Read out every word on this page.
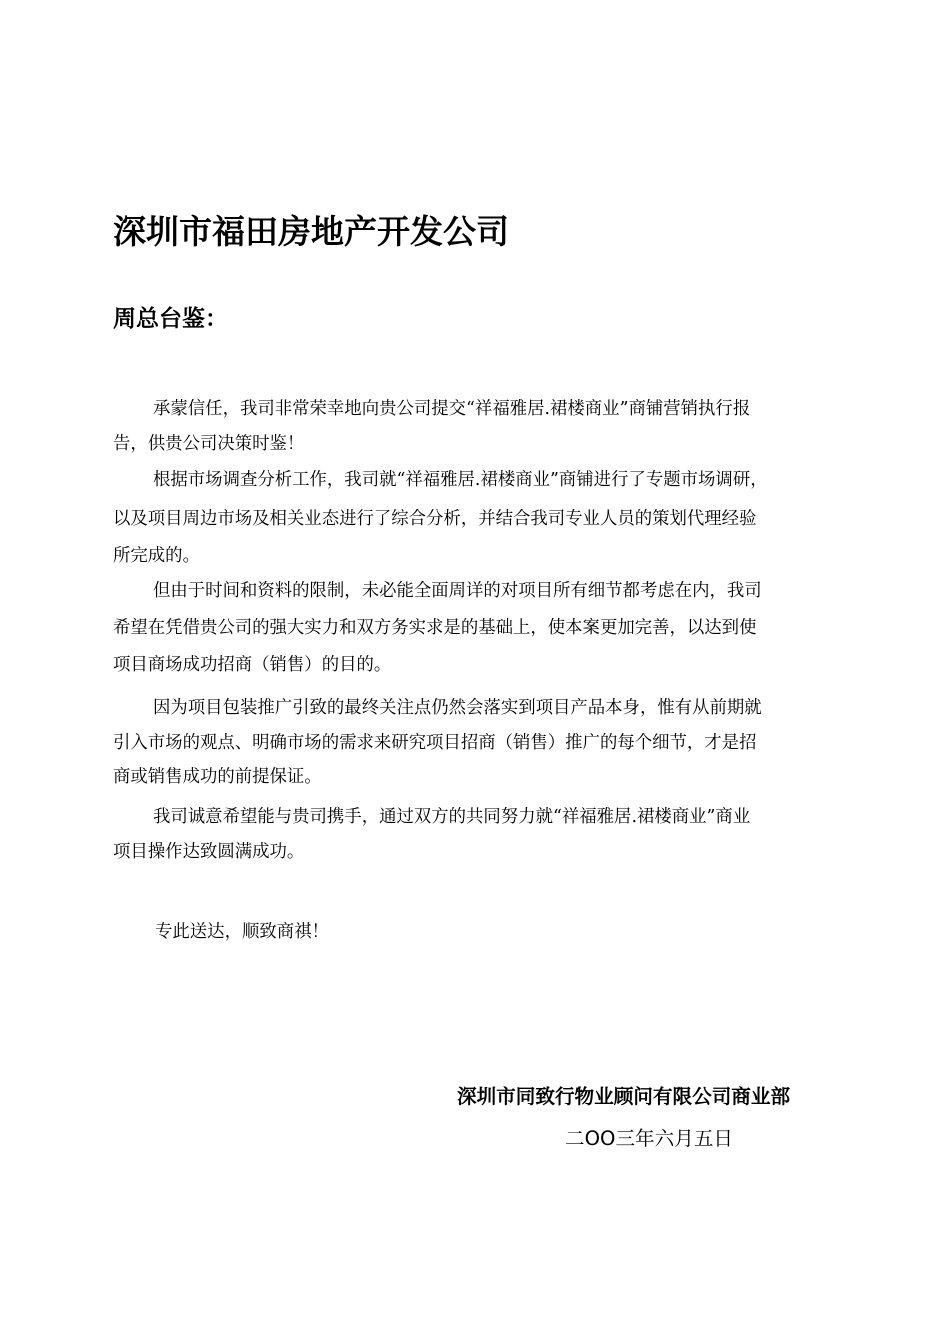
深圳市福田房地产开发公司
周总台鉴：
承蒙信任，我司非常荣幸地向贵公司提交“祥福雅居.裙楼商业”商铺营销执行报
告，供贵公司决策时鉴！
根据市场调查分析工作，我司就“祥福雅居.裙楼商业”商铺进行了专题市场调研，
以及项目周边市场及相关业态进行了综合分析，并结合我司专业人员的策划代理经验
所完成的。
但由于时间和资料的限制，未必能全面周详的对项目所有细节都考虑在内，我司
希望在凭借贵公司的强大实力和双方务实求是的基础上，使本案更加完善，以达到使
项目商场成功招商（销售）的目的。
因为项目包装推广引致的最终关注点仍然会落实到项目产品本身，惟有从前期就
引入市场的观点、明确市场的需求来研究项目招商（销售）推广的每个细节，才是招
商或销售成功的前提保证。
我司诚意希望能与贵司携手，通过双方的共同努力就“祥福雅居.裙楼商业”商业
项目操作达致圆满成功。
专此送达，顺致商祺！
深圳市同致行物业顾问有限公司商业部
二OO三年六月五日
